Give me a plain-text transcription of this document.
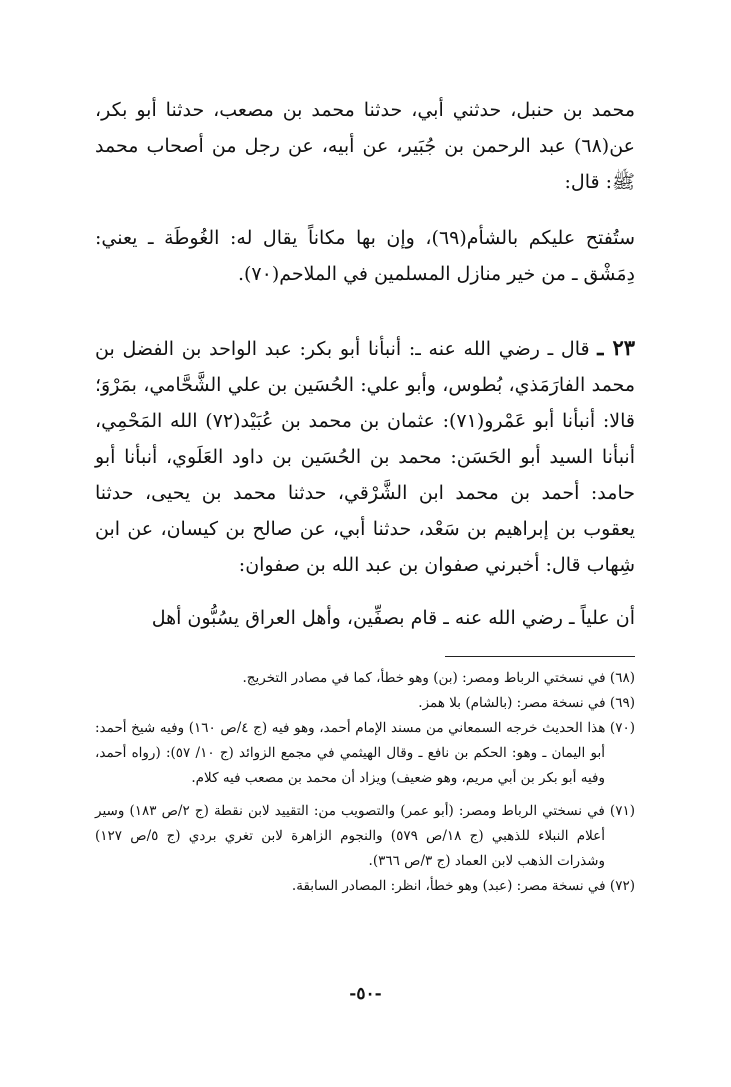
محمد بن حنبل، حدثني أبي، حدثنا محمد بن مصعب، حدثنا أبو بكر، عن(٦٨) عبد الرحمن بن جُبَير، عن أبيه، عن رجل من أصحاب محمد ﷺ: قال:
ستُفتح عليكم بالشأم(٦٩)، وإن بها مكاناً يقال له: الغُوطَة ـ يعني: دِمَشْق ـ من خير منازل المسلمين في الملاحم(٧٠).
٢٣ ـ قال ـ رضي الله عنه ـ: أنبأنا أبو بكر: عبد الواحد بن الفضل بن محمد الفارَمَذي، بُطوس، وأبو علي: الحُسَين بن علي الشَّحَّامي، بمَرْوَ؛ قالا: أنبأنا أبو عَمْرو(٧١): عثمان بن محمد بن عُبَيْد(٧٢) الله المَحْمِي، أنبأنا السيد أبو الحَسَن: محمد بن الحُسَين بن داود العَلَوي، أنبأنا أبو حامد: أحمد بن محمد ابن الشَّرْقي، حدثنا محمد بن يحيى، حدثنا يعقوب بن إبراهيم بن سَعْد، حدثنا أبي، عن صالح بن كيسان، عن ابن شِهاب قال: أخبرني صفوان بن عبد الله بن صفوان:
أن علياً ـ رضي الله عنه ـ قام بصفِّين، وأهل العراق يسُبُّون أهل
(٦٨) في نسختي الرباط ومصر: (بن) وهو خطأ، كما في مصادر التخريج.
(٦٩) في نسخة مصر: (بالشام) بلا همز.
(٧٠) هذا الحديث خرجه السمعاني من مسند الإمام أحمد، وهو فيه (ج ٤/ص ١٦٠) وفيه شيخ أحمد: أبو اليمان ـ وهو: الحكم بن نافع ـ وقال الهيثمي في مجمع الزوائد (ج ١٠/ ٥٧): (رواه أحمد، وفيه أبو بكر بن أبي مريم، وهو ضعيف) ويزاد أن محمد بن مصعب فيه كلام.
(٧١) في نسختي الرباط ومصر: (أبو عمر) والتصويب من: التقييد لابن نقطة (ج ٢/ص ١٨٣) وسير أعلام النبلاء للذهبي (ج ١٨/ص ٥٧٩) والنجوم الزاهرة لابن تغري بردي (ج ٥/ص ١٢٧) وشذرات الذهب لابن العماد (ج ٣/ص ٣٦٦).
(٧٢) في نسخة مصر: (عبد) وهو خطأ، انظر: المصادر السابقة.
-٥٠-
